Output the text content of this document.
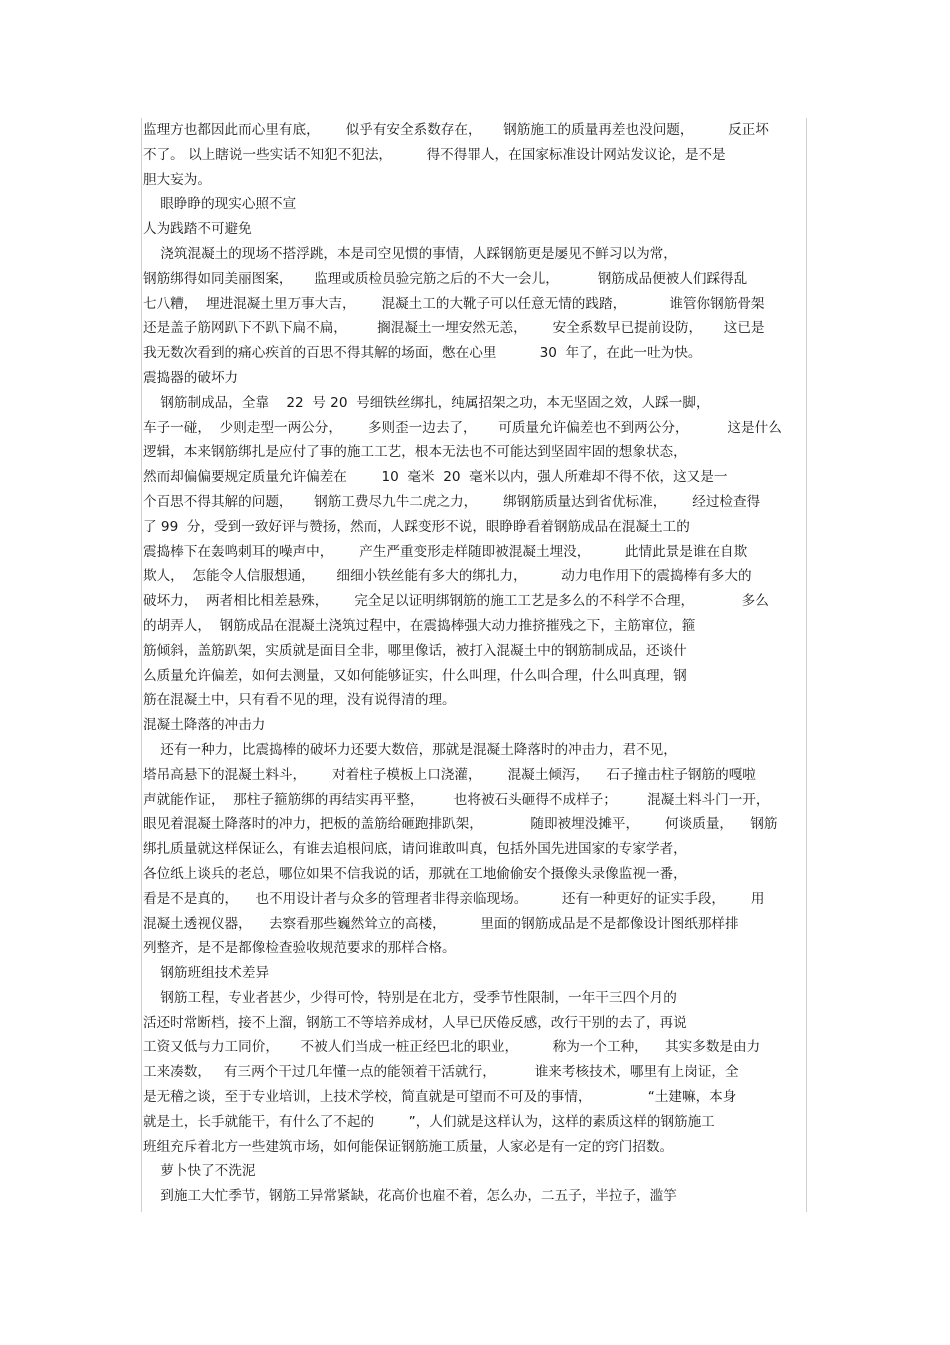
监理方也都因此而心里有底，      似乎有安全系数存在，     钢筋施工的质量再差也没问题，        反正坏
不了。 以上瞎说一些实话不知犯不犯法，        得不得罪人，在国家标准设计网站发议论，是不是
胆大妄为。
眼睁睁的现实心照不宣
人为践踏不可避免
浇筑混凝土的现场不搭浮跳，本是司空见惯的事情，人踩钢筋更是屡见不鲜习以为常，
钢筋绑得如同美丽图案，     监理或质检员验完筋之后的不大一会儿，         钢筋成品便被人们踩得乱
七八糟，  埋进混凝土里万事大吉，      混凝土工的大靴子可以任意无情的践踏，          谁管你钢筋骨架
还是盖子筋网趴下不趴下扁不扁，       搁混凝土一埋安然无恙，      安全系数早已提前设防，     这已是
我无数次看到的痛心疾首的百思不得其解的场面，憋在心里          30  年了，在此一吐为快。
震捣器的破坏力
钢筋制成品，全靠    22  号 20  号细铁丝绑扎，纯属招架之功，本无坚固之效，人踩一脚，
车子一碰，  少则走型一两公分，      多则歪一边去了，     可质量允许偏差也不到两公分，         这是什么
逻辑，本来钢筋绑扎是应付了事的施工工艺，根本无法也不可能达到坚固牢固的想象状态，
然而却偏偏要规定质量允许偏差在        10  毫米  20  毫米以内，强人所难却不得不依，这又是一
个百思不得其解的问题，     钢筋工费尽九牛二虎之力，      绑钢筋质量达到省优标准，      经过检查得
了 99  分，受到一致好评与赞扬，然而，人踩变形不说，眼睁睁看着钢筋成品在混凝土工的
震捣棒下在轰鸣刺耳的噪声中，      产生严重变形走样随即被混凝土埋没，        此情此景是谁在自欺
欺人，  怎能令人信服想通，     细细小铁丝能有多大的绑扎力，        动力电作用下的震捣棒有多大的
破坏力，  两者相比相差悬殊，      完全足以证明绑钢筋的施工工艺是多么的不科学不合理，           多么
的胡弄人，  钢筋成品在混凝土浇筑过程中，在震捣棒强大动力推挤摧残之下，主筋窜位，箍
筋倾斜，盖筋趴架，实质就是面目全非，哪里像话，被打入混凝土中的钢筋制成品，还谈什
么质量允许偏差，如何去测量，又如何能够证实，什么叫理，什么叫合理，什么叫真理，钢
筋在混凝土中，只有看不见的理，没有说得清的理。
混凝土降落的冲击力
还有一种力，比震捣棒的破坏力还要大数倍，那就是混凝土降落时的冲击力，君不见，
塔吊高悬下的混凝土料斗，      对着柱子模板上口浇灌，      混凝土倾泻，    石子撞击柱子钢筋的嘎啦
声就能作证，  那柱子箍筋绑的再结实再平整，       也将被石头砸得不成样子；       混凝土料斗门一开，
眼见着混凝土降落时的冲力，把板的盖筋给砸跑排趴架，           随即被埋没摊平，      何谈质量，    钢筋
绑扎质量就这样保证么，有谁去追根问底，请问谁敢叫真，包括外国先进国家的专家学者，
各位纸上谈兵的老总，哪位如果不信我说的话，那就在工地偷偷安个摄像头录像监视一番，
看是不是真的，    也不用设计者与众多的管理者非得亲临现场。        还有一种更好的证实手段，      用
混凝土透视仪器，    去察看那些巍然耸立的高楼，        里面的钢筋成品是不是都像设计图纸那样排
列整齐，是不是都像检查验收规范要求的那样合格。
钢筋班组技术差异
钢筋工程，专业者甚少，少得可怜，特别是在北方，受季节性限制，一年干三四个月的
活还时常断档，接不上溜，钢筋工不等培养成材，人早已厌倦反感，改行干别的去了，再说
工资又低与力工同价，     不被人们当成一桩正经巴北的职业，        称为一个工种，    其实多数是由力
工来凑数，   有三两个干过几年懂一点的能领着干活就行，         谁来考核技术，哪里有上岗证，全
是无稽之谈，至于专业培训，上技术学校，简直就是可望而不可及的事情，             “土建嘛，本身
就是土，长手就能干，有什么了不起的        ”，人们就是这样认为，这样的素质这样的钢筋施工
班组充斥着北方一些建筑市场，如何能保证钢筋施工质量，人家必是有一定的窍门招数。
萝卜快了不洗泥
到施工大忙季节，钢筋工异常紧缺，花高价也雇不着，怎么办，二五子，半拉子，滥竽
